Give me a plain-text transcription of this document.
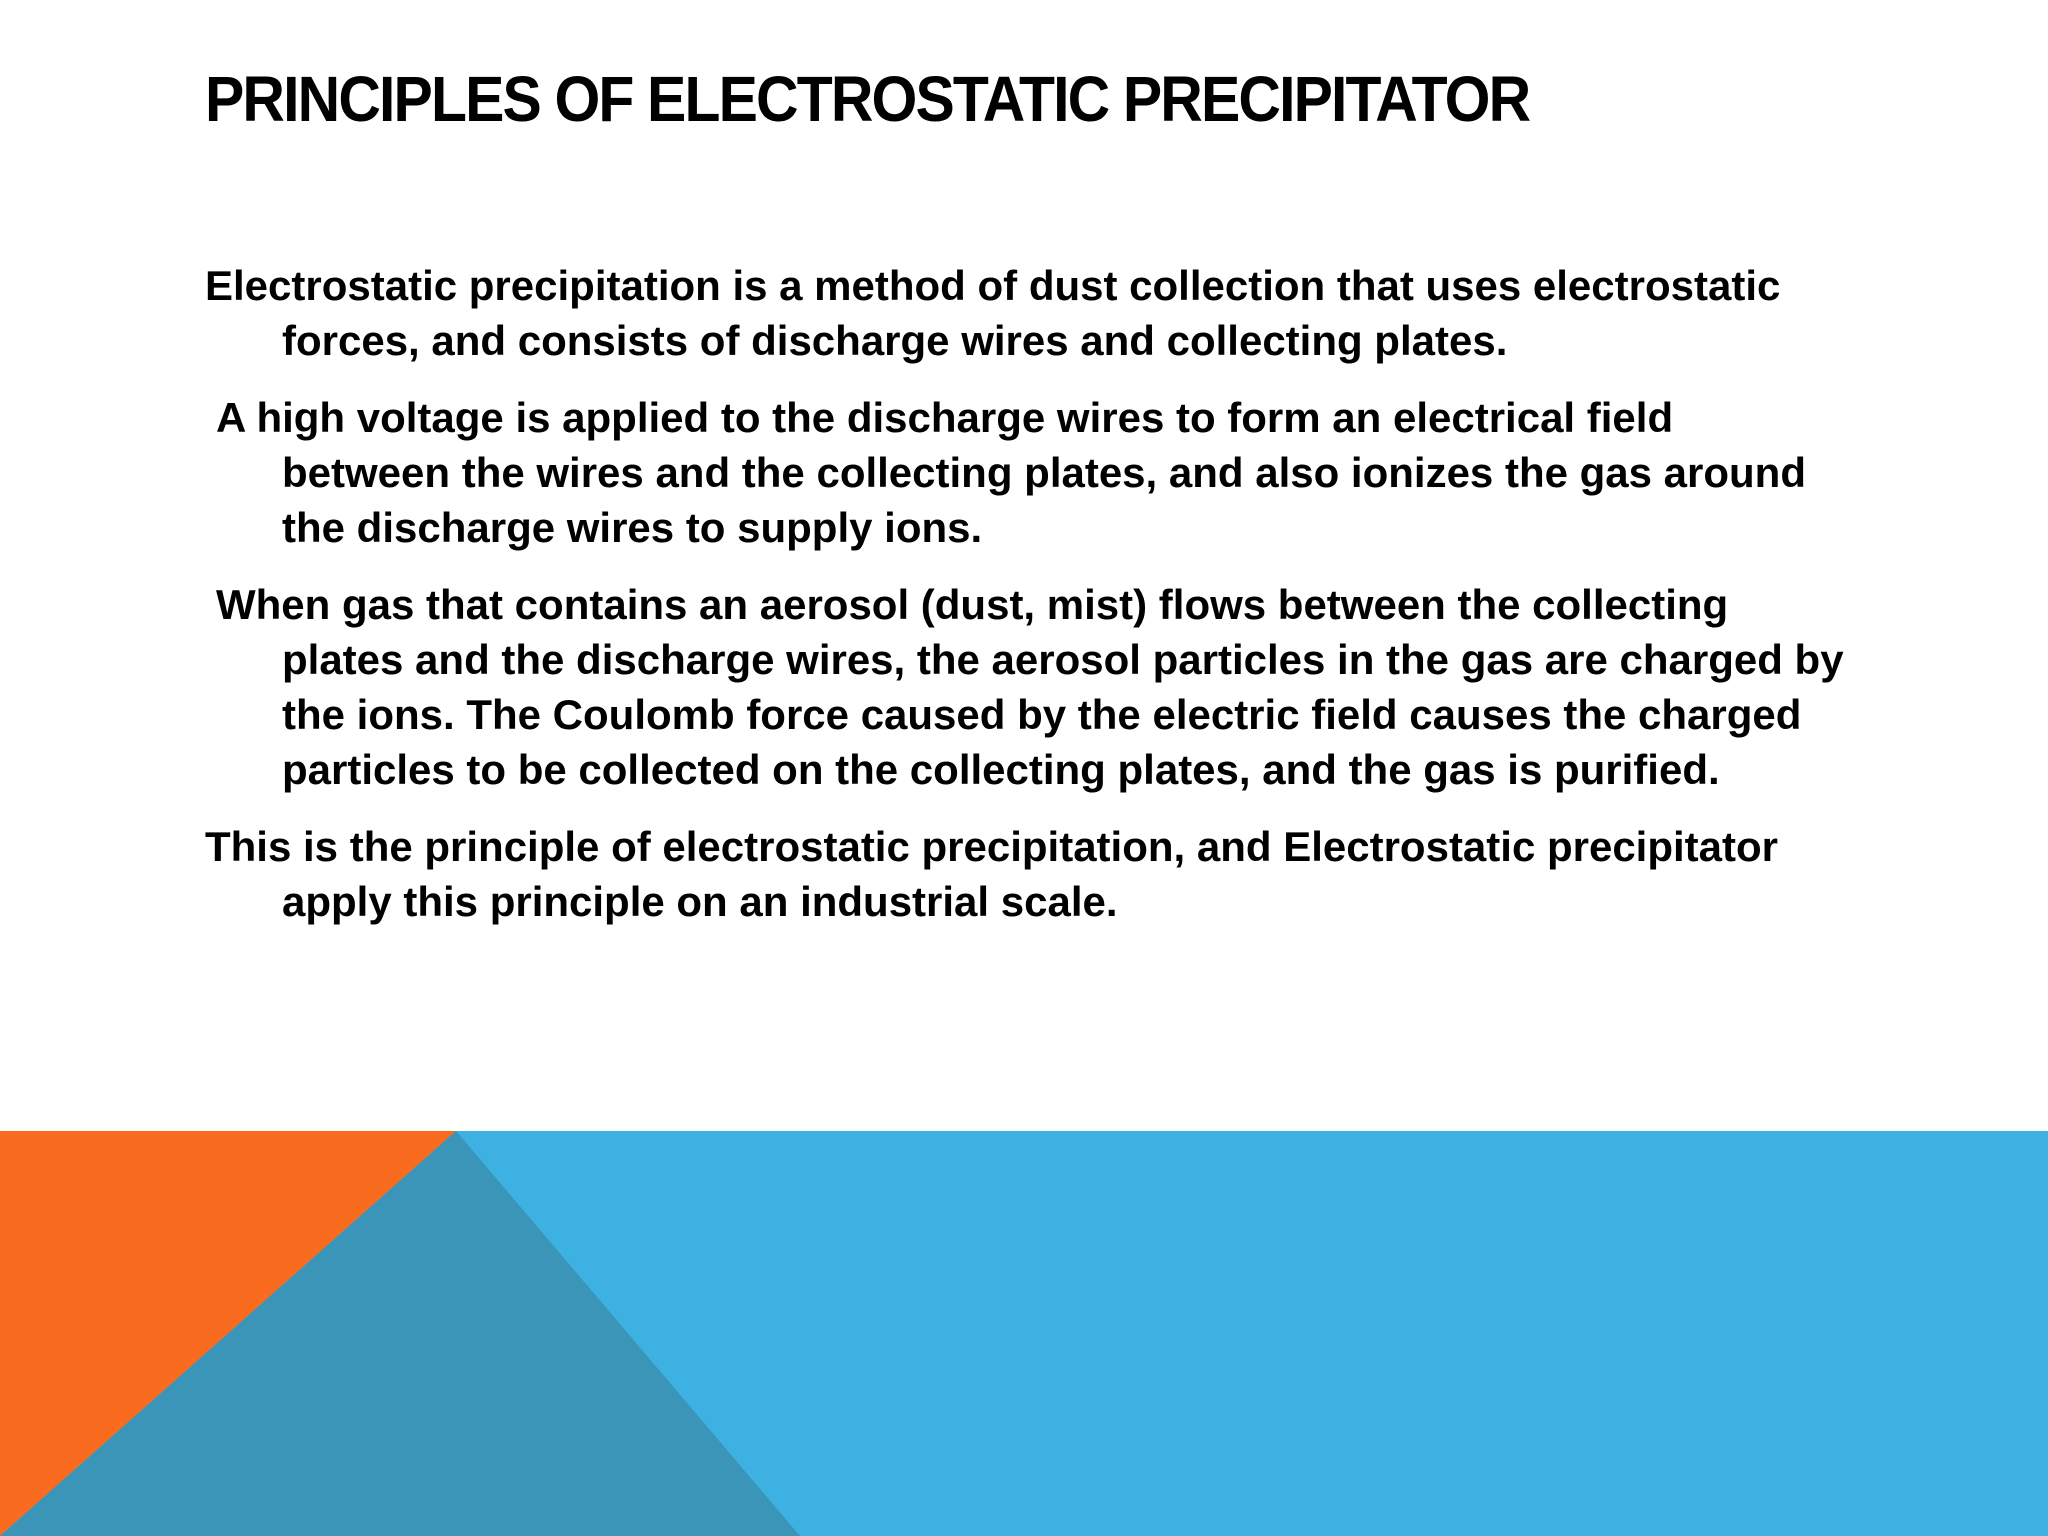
PRINCIPLES OF ELECTROSTATIC PRECIPITATOR

Electrostatic precipitation is a method of dust collection that uses electrostatic forces, and consists of discharge wires and collecting plates.

A high voltage is applied to the discharge wires to form an electrical field between the wires and the collecting plates, and also ionizes the gas around the discharge wires to supply ions.

When gas that contains an aerosol (dust, mist) flows between the collecting plates and the discharge wires, the aerosol particles in the gas are charged by the ions. The Coulomb force caused by the electric field causes the charged particles to be collected on the collecting plates, and the gas is purified.

This is the principle of electrostatic precipitation, and Electrostatic precipitator apply this principle on an industrial scale.
